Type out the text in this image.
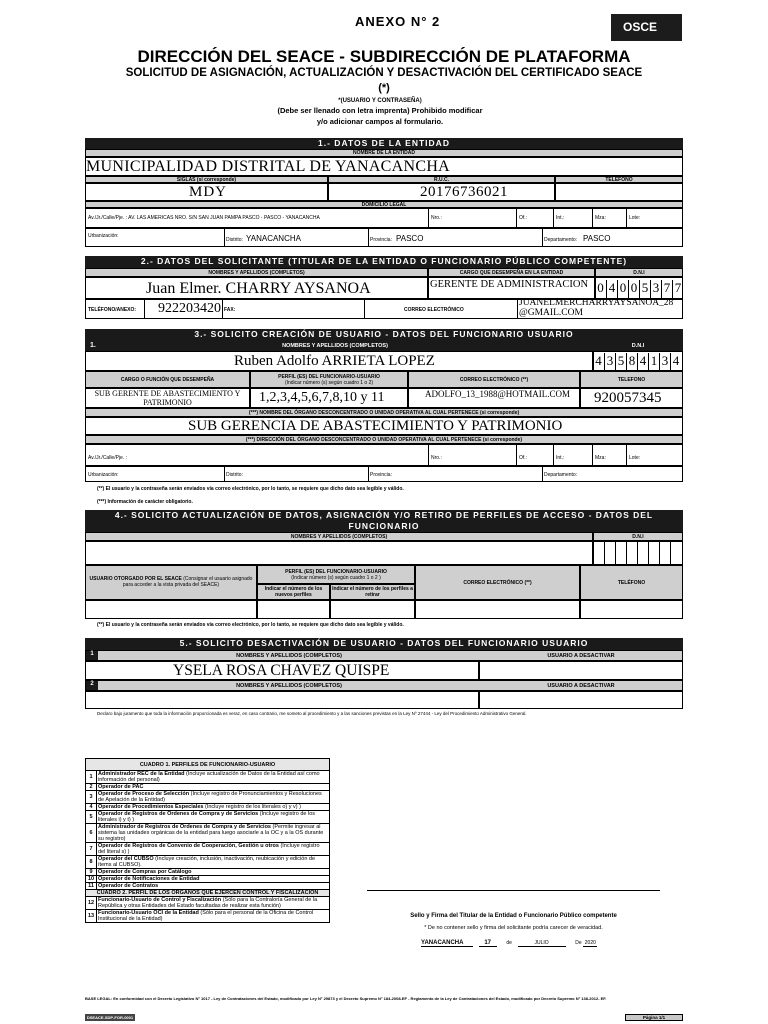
ANEXO N° 2	OSCE
DIRECCIÓN DEL SEACE - SUBDIRECCIÓN DE PLATAFORMA
SOLICITUD DE ASIGNACIÓN, ACTUALIZACIÓN Y DESACTIVACIÓN DEL CERTIFICADO SEACE
(*)
*(USUARIO Y CONTRASEÑA)
(Debe ser llenado con letra imprenta) Prohibido modificar
y/o adicionar campos al formulario.
1.- DATOS DE LA ENTIDAD
NOMBRE DE LA ENTIDAD
MUNICIPALIDAD DISTRITAL DE YANACANCHA
SIGLAS (si corresponde)	R.U.C.	TELEFONO
MDY	20176736021
DOMICILIO LEGAL
Av./Jr./Calle/Pje. : AV. LAS AMERICAS NRO. S/N SAN JUAN PAMPA PASCO - PASCO - YANACANCHA	Nro.:	Of.:	Int.:	Mza:	Lote:
Urbanización:
Distrito: YANACANCHA	Provincia: PASCO	Departamento: PASCO
2.- DATOS DEL SOLICITANTE (TITULAR DE LA ENTIDAD O FUNCIONARIO PÚBLICO COMPETENTE)
NOMBRES Y APELLIDOS (COMPLETOS)	CARGO QUE DESEMPEÑA EN LA ENTIDAD	D.N.I
Juan Elmer. CHARRY AYSANOA	GERENTE DE ADMINISTRACION 0 4 0 0 5 3 7 7
TELÉFONO/ANEXO: 922203420 FAX:	CORREO ELECTRÓNICO
JUANELMERCHARRYAYSANOA_28@GMAIL.COM
3.- SOLICITO CREACIÓN DE USUARIO - DATOS DEL FUNCIONARIO USUARIO
1.	NOMBRES Y APELLIDOS (COMPLETOS)	D.N.I
Ruben Adolfo ARRIETA LOPEZ	4 3 5 8 4 1 3 4
CARGO O FUNCIÓN QUE DESEMPEÑA	PERFIL (ES) DEL FUNCIONARIO-USUARIO
(Indicar número (s) según cuadro 1 o 2)	CORREO ELECTRÓNICO (**)	TELEFONO
SUB GERENTE DE ABASTECIMIENTO Y PATRIMONIO	1,2,3,4,5,6,7,8,10 y 11	ADOLFO_13_1988@HOTMAIL.COM 920057345
(***) NOMBRE DEL ÓRGANO DESCONCENTRADO O UNIDAD OPERATIVA AL CUAL PERTENECE (si corresponde)
SUB GERENCIA DE ABASTECIMIENTO Y PATRIMONIO
(***) DIRECCIÓN DEL ÓRGANO DESCONCENTRADO O UNIDAD OPERATIVA AL CUAL PERTENECE (si corresponde)
Av./Jr./Calle/Pje. :	Nro.:	Of.:	Int.:	Mza:	Lote:
Urbanización:	Distrito:	Provincia:	Departamento:
(**) El usuario y la contraseña serán enviados vía correo electrónico, por lo tanto, se requiere que dicho dato sea legible y válido.
(***) Información de carácter obligatorio.
4.- SOLICITO ACTUALIZACIÓN DE DATOS, ASIGNACIÓN Y/O RETIRO DE PERFILES DE ACCESO - DATOS DEL
FUNCIONARIO
NOMBRES Y APELLIDOS (COMPLETOS)	D.N.I
USUARIO OTORGADO POR EL SEACE (Consignar el usuario asignado para acceder a la vista privada del SEACE)
PERFIL (ES) DEL FUNCIONARIO-USUARIO
(Indicar número (s) según cuadro 1 o 2 )
Indicar el número de los nuevos perfiles
Indicar el número de los perfiles a retirar
CORREO ELECTRÓNICO (**)	TELÉFONO
(**) El usuario y la contraseña serán enviados vía correo electrónico, por lo tanto, se requiere que dicho dato sea legible y válido.
5.- SOLICITO DESACTIVACIÓN DE USUARIO - DATOS DEL FUNCIONARIO USUARIO
1	NOMBRES Y APELLIDOS (COMPLETOS)	USUARIO A DESACTIVAR
YSELA ROSA CHAVEZ QUISPE
2	NOMBRES Y APELLIDOS (COMPLETOS)	USUARIO A DESACTIVAR
Declaro bajo juramento que toda la información proporcionada es veraz, en caso contrario, me someto al procedimiento y a las sanciones previstas en la Ley Nº 27444 - Ley del Procedimiento Administrativo General.
CUADRO 1. PERFILES DE FUNCIONARIO-USUARIO	
1	Administrador REC de la Entidad (Incluye actualización de Datos de la Entidad así como información del personal)
2	Operador de PAC
3	Operador de Proceso de Selección (Incluye registro de Pronunciamientos y Resoluciones de Apelación de la Entidad)
4	Operador de Procedimientos Especiales (Incluye registro de los literales o) y v) )
5	Operador de Registros de Órdenes de Compra y de Servicios (Incluye registro de los literales i) y t) )
6	Administrador de Registros de Órdenes de Compra y de Servicios (Permite ingresar al sistema las unidades orgánicas de la entidad para luego asociarle a la OC y a la OS durante su registro)
7	Operador de Registros de Convenio de Cooperación, Gestión u otros (Incluye registro del literal s) )
8	Operador del CUBSO (Incluye creación, inclusión, inactivación, reubicación y edición de ítems al CUBSO).
9	Operador de Compras por Catálogo
10	Operador de Notificaciones de Entidad
11	Operador de Contratos
CUADRO 2. PERFIL DE LOS ÓRGANOS QUE EJERCEN CONTROL Y FISCALIZACIÓN	
12	Funcionario-Usuario de Control y Fiscalización (Sólo para la Contraloría General de la República y otras Entidades del Estado facultadas de realizar esta función)
13	Funcionario-Usuario OCI de la Entidad (Sólo para el personal de la Oficina de Control Institucional de la Entidad)	Sello y Firma del Titular de la Entidad o Funcionario Público competente
* De no contener sello y firma del solicitante podría carecer de veracidad.
YANACANCHA	17	de	JULIO	De 2020
BASE LEGAL: En conformidad con el Decreto Legislativo N° 1017 - Ley de Contrataciones del Estado, modificado por Ley N° 29873 y el Decreto Supremo N° 184-2008-EF - Reglamento de la Ley de Contrataciones del Estado, modificado por Decreto Supremo N° 138-2012- EF.
DSEACE-SDP-FOR-0001	Página 1/1
